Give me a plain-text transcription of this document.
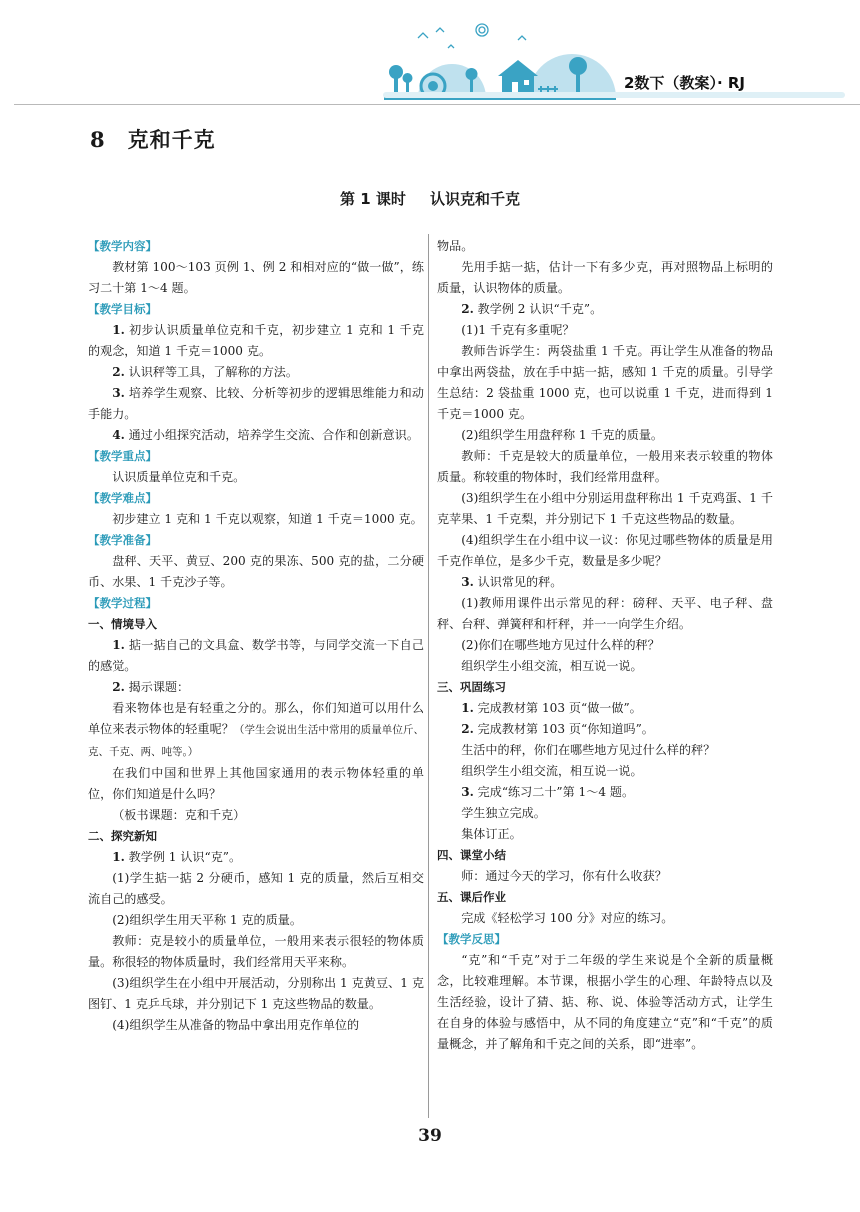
2数下（教案）· RJ
8 克和千克
第 1 课时 认识克和千克

【教学内容】

教材第 100～103 页例 1、例 2 和相对应的“做一做”，练习二十第 1～4 题。

【教学目标】

1. 初步认识质量单位克和千克，初步建立 1 克和 1 千克的观念，知道 1 千克＝1000 克。

2. 认识秤等工具，了解称的方法。

3. 培养学生观察、比较、分析等初步的逻辑思维能力和动手能力。

4. 通过小组探究活动，培养学生交流、合作和创新意识。

【教学重点】

认识质量单位克和千克。

【教学难点】

初步建立 1 克和 1 千克以观察，知道 1 千克＝1000 克。

【教学准备】

盘秤、天平、黄豆、200 克的果冻、500 克的盐，二分硬币、水果、1 千克沙子等。

【教学过程】

一、情境导入

1. 掂一掂自己的文具盒、数学书等，与同学交流一下自己的感觉。

2. 揭示课题：

看来物体也是有轻重之分的。那么，你们知道可以用什么单位来表示物体的轻重呢？（学生会说出生活中常用的质量单位斤、克、千克、两、吨等。）

在我们中国和世界上其他国家通用的表示物体轻重的单位，你们知道是什么吗？

（板书课题：克和千克）

二、探究新知

1. 教学例 1 认识“克”。

(1)学生掂一掂 2 分硬币，感知 1 克的质量，然后互相交流自己的感受。

(2)组织学生用天平称 1 克的质量。

教师：克是较小的质量单位，一般用来表示很轻的物体质量。称很轻的物体质量时，我们经常用天平来称。

(3)组织学生在小组中开展活动，分别称出 1 克黄豆、1 克图钉、1 克乒乓球，并分别记下 1 克这些物品的数量。

(4)组织学生从准备的物品中拿出用克作单位的

物品。

先用手掂一掂，估计一下有多少克，再对照物品上标明的质量，认识物体的质量。

2. 教学例 2 认识“千克”。

(1)1 千克有多重呢？

教师告诉学生：两袋盐重 1 千克。再让学生从准备的物品中拿出两袋盐，放在手中掂一掂，感知 1 千克的质量。引导学生总结：2 袋盐重 1000 克，也可以说重 1 千克，进而得到 1 千克＝1000 克。

(2)组织学生用盘秤称 1 千克的质量。

教师：千克是较大的质量单位，一般用来表示较重的物体质量。称较重的物体时，我们经常用盘秤。

(3)组织学生在小组中分别运用盘秤称出 1 千克鸡蛋、1 千克苹果、1 千克梨，并分别记下 1 千克这些物品的数量。

(4)组织学生在小组中议一议：你见过哪些物体的质量是用千克作单位，是多少千克，数量是多少呢？

3. 认识常见的秤。

(1)教师用课件出示常见的秤：磅秤、天平、电子秤、盘秤、台秤、弹簧秤和杆秤，并一一向学生介绍。

(2)你们在哪些地方见过什么样的秤？

组织学生小组交流，相互说一说。

三、巩固练习

1. 完成教材第 103 页“做一做”。

2. 完成教材第 103 页“你知道吗”。

生活中的秤，你们在哪些地方见过什么样的秤？

组织学生小组交流，相互说一说。

3. 完成“练习二十”第 1～4 题。

学生独立完成。

集体订正。

四、课堂小结

师：通过今天的学习，你有什么收获？

五、课后作业

完成《轻松学习 100 分》对应的练习。

【教学反思】

“克”和“千克”对于二年级的学生来说是个全新的质量概念，比较难理解。本节课，根据小学生的心理、年龄特点以及生活经验，设计了猜、掂、称、说、体验等活动方式，让学生在自身的体验与感悟中，从不同的角度建立“克”和“千克”的质量概念，并了解角和千克之间的关系，即“进率”。

39
